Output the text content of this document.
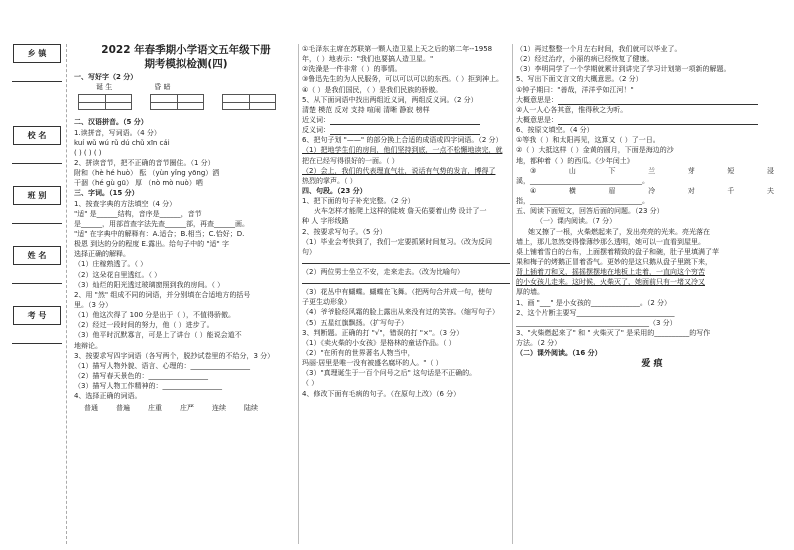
乡 镇
校 名
班 别
姓 名
考 号
2022 年春季期小学语文五年级下册
期考模拟检测(四)
一、写好字（2 分）
诞 生	昏 暗
二、汉语拼音。（5 分）
1.读拼音，写词语。（4 分）
kuí wǔ wú rǔ dú chǔ xīn cái
( ) ( ) ( )
2、拼读音节，把不正确的音节圈住。（1 分）
附和（hè hé huò） 酝 （yùn yǐng yōng）洒
干涸（hé gù gū） 厚 （nò mò nuò）哂
三、字词。（15 分）
1、按查字典的方法填空（4 分）
"适" 是______结构，音序是______，音节
是______，用部首查字法先查______部，再查______画。
"适" 在字典中的解释有：A.适合；B.相当；C.恰好；D.
极恩 到达的分的程度 E.露出。给句子中的 "适" 字
选择正确的解释。
（1）庄稼熟透了。（ ）
（2）这朵花自里透红。（ ）
（3）灿烂的阳光透过玻璃窗照到我的房间。（ ）
2、用 "然" 组成不同的词语，并分别填在合适地方的括号
里。（3 分）
（1）他这次得了 100 分是出于（ ），不值得骄傲。
（2）经过一段时间的努力，他（ ）进步了。
（3）他平时沉默寡言，可是上了讲台（ ）能说会道不
地辩论。
3、按要求写四字词语（各写两个，脱抄试卷里的不给分，3 分）
（1）描写人物外貌、语言、心理的：_________________
（2）描写春天景色的：_________________
（3）描写人物工作精神的：_________________
4、选择正确的词语。
普通	普遍	庄重	庄严	连续	陆续
①毛泽东主席在苏联第一颗人造卫星上天之后的第二年--1958
年，（ ）地表示："我们也要搞人造卫星。"
②洗澡是一件非常（ ）的事情。
③鲁迅先生的为人民服务，可以可以可以的东西。（ ）拒到神上。
④（ ）是我们国民，（ ）是我们民族的骄傲。
5、从下面词语中找出两组近义词，两组反义词。（2 分）
清楚 模范 反对 支持 喧闹 清晰 静寂 榜样
近义词：
反义词：
6、把句子划 "——" 的部分换上合适的成语或四字词语。（2 分）
（1）把地学生们的房间，他们坚持到底，一点不松懈地读完，就
把在已经写得很好的一面。（ ）
（2）会上，我们的代表理直气壮，说话有气势的发言，博得了
热烈的掌声。（ ）
四、句段。（23 分）
1、把下面的句子补充完整。（2 分）
火车怎样才能爬上这样的陡坡 詹天佑要着山势 设计了一
种 人 字形线路
2、按要求写句子。（5 分）
（1）毕业会考快到了，我们一定要抓紧时间复习。（改为反问
句）
（2）两位男士坐立不安，走来走去。（改为比喻句）
（3）花丛中有蝴蝶。蝴蝶在飞舞。（把两句合并成一句，使句
子更生动形象）
（4）爷爷脸经风霜的脸上露出从来没有过的笑容。（缩写句子）
（5）五星红旗飘扬。（扩写句子）
3、判断题。正确的打 "√"，错误的打 "×"。（3 分）
（1）《卖火柴的小女孩》是格林的童话作品。（ ）
（2）"在所有的世界著名人物当中，
玛丽·居里是唯一没有被盛名腐坏的人。"（ ）
（3）"真理诞生于一百个问号之后" 这句话是不正确的。
（ ）
4、修改下面有毛病的句子。（在原句上改）（6 分）
（1）再过整整一个月左右时间，我们就可以毕业了。
（2）经过治疗，小丽的病已经恢复了健康。
（3）李明同学了一个学期就累计到讲完了学习计划第一项新的解题。
5、写出下面文言文的大概意思。（2 分）
①钟子期曰："善哉，洋洋乎如江河！"
大概意思是：
②人一人心各其意，惟得秋之为听。
大概意思是：
6、按原文填空。（4 分）
①等我（ ）和太阳再见，这算又（ ）了一日。
②（ ）大抵这样（ ）金黄的圆月，下面是海边的沙
地，都种着（ ）的西瓜。《少年闰土》
③	山	下	兰	芽	短	浸
溪，________________________________。
④	横	眉	冷	对	千	夫
指，________________________________。
五、阅读下面短文，回答后面的问题。（23 分）
（一）课内阅读。（7 分）
她又擦了一根，火柴燃起来了，发出亮亮的光来。亮光落在
墙上，那儿忽然变得像薄纱那么透明，她可以一直看到屋里。
桌上铺着雪白的台布，上面摆着精致的盘子和碗，肚子里填满了苹
果和梅子的烤鹅正冒着香气。更妙的是这只鹅从盘子里跳下来，
背上插着刀和叉，摇摇摆摆地在地板上走着，一直向这个穷苦
的小女孩儿走来。这时候，火柴灭了，她面前只有一堵又冷又
厚的墙。
1、画 "___" 是小女孩的______________。（2 分）
2、这个片断主要写____________________________
______________________________________（3 分）
3、"火柴燃起来了" 和 " 火柴灭了" 是采用的__________的写作
方法。（2 分）
（二）课外阅读。（16 分）
爱 痕
